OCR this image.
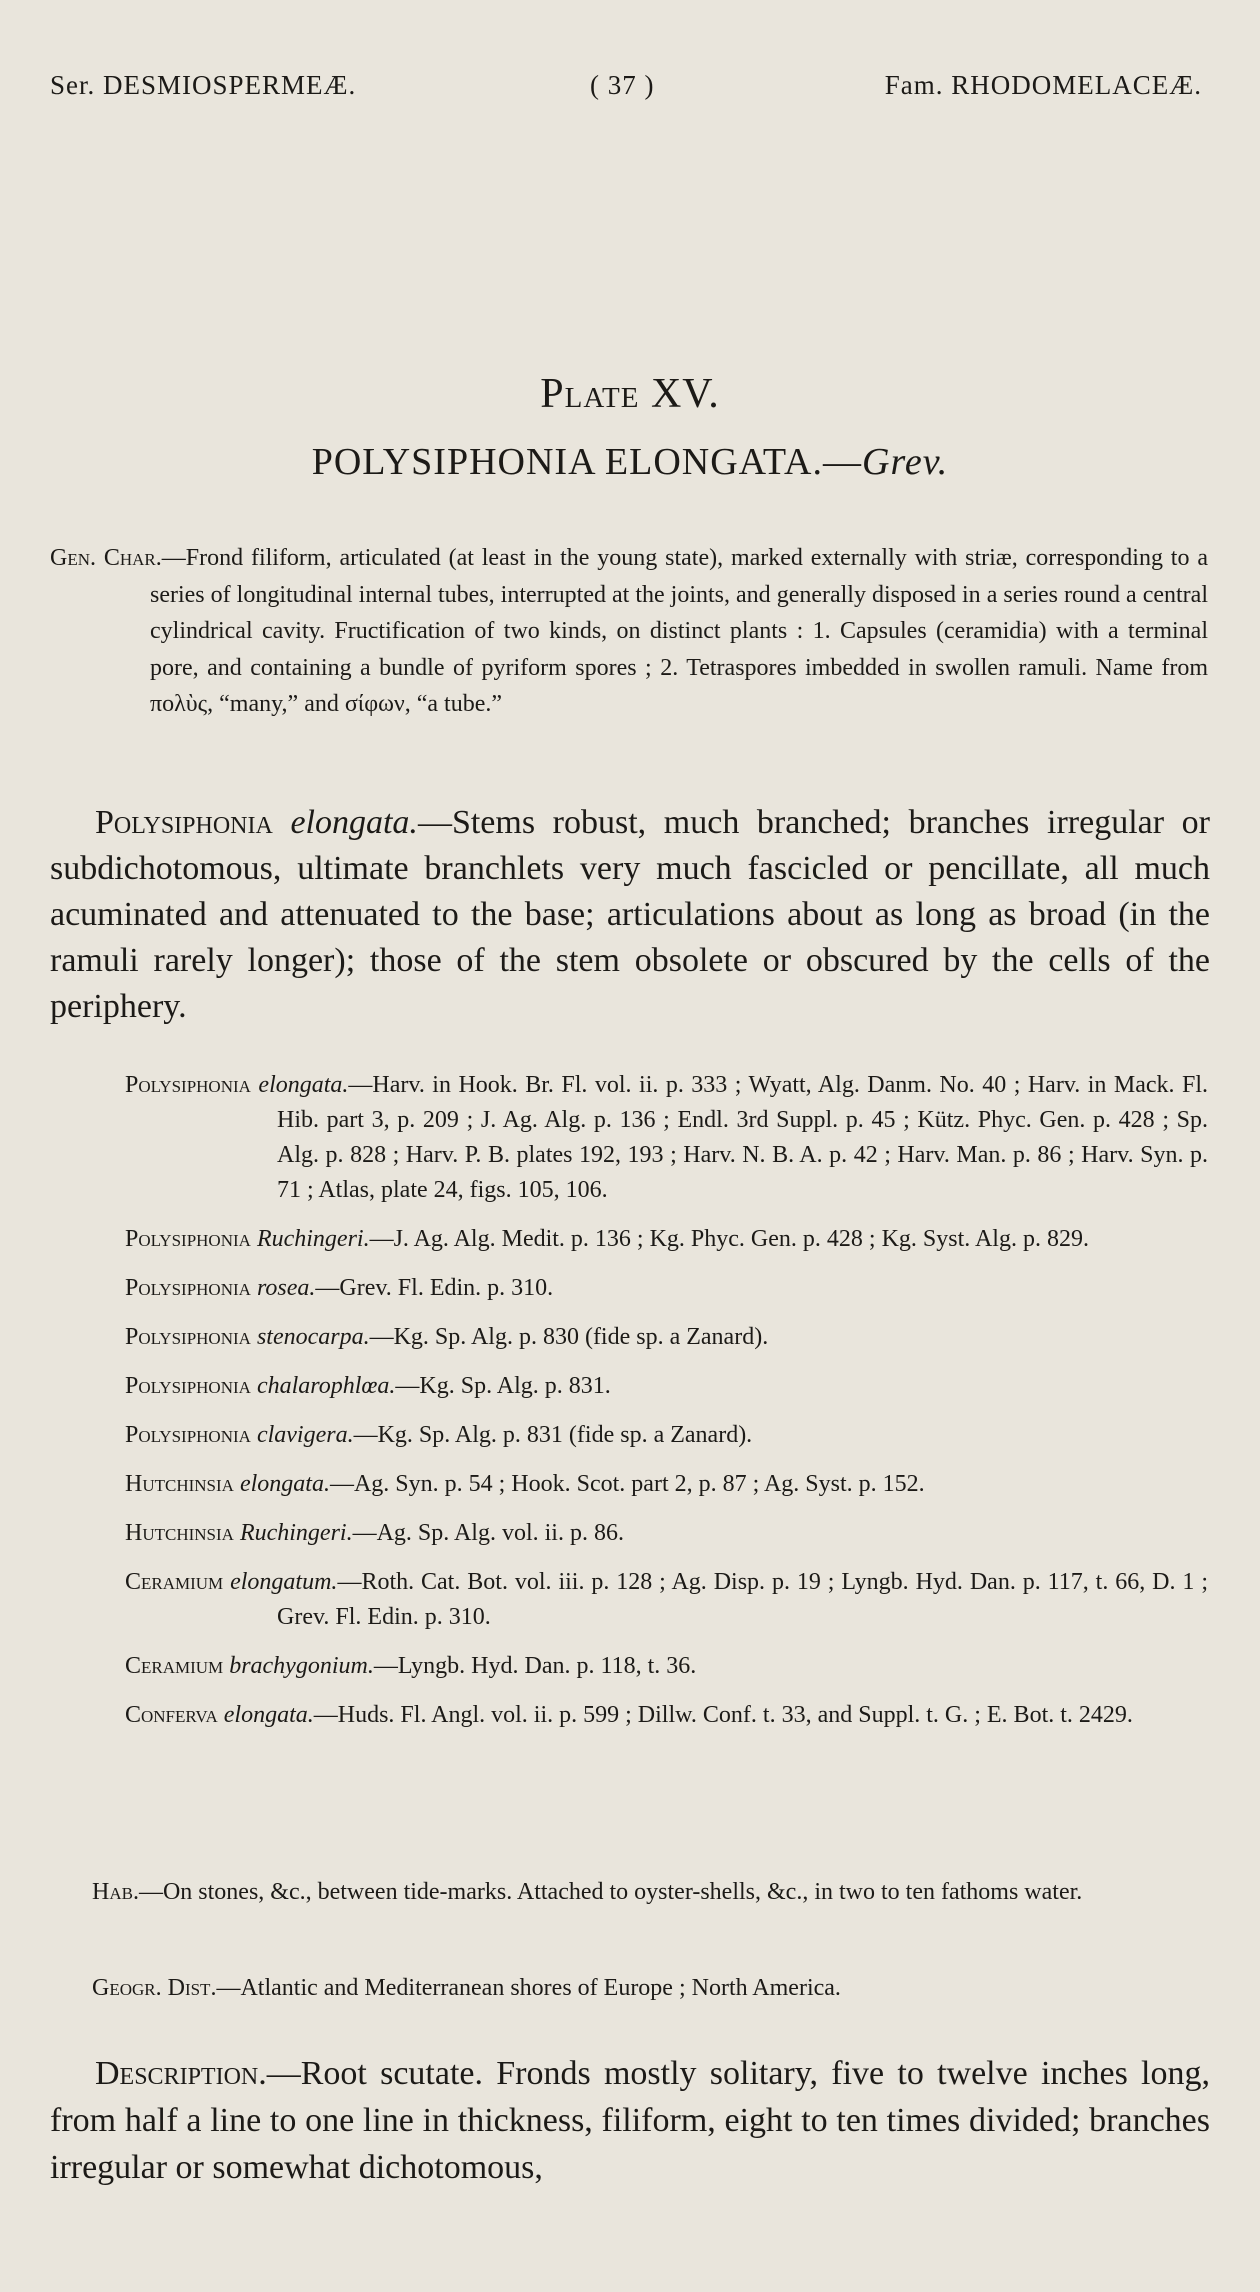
Ser. DESMIOSPERMEÆ.	( 37 )	Fam. RHODOMELACEÆ.
Plate XV.
POLYSIPHONIA ELONGATA.—Grev.
Gen. Char.—Frond filiform, articulated (at least in the young state), marked externally with striæ, corresponding to a series of longitudinal internal tubes, interrupted at the joints, and generally disposed in a series round a central cylindrical cavity. Fructification of two kinds, on distinct plants : 1. Capsules (ceramidia) with a terminal pore, and containing a bundle of pyriform spores ; 2. Tetraspores imbedded in swollen ramuli. Name from πολὺς, “many,” and σίφων, “a tube.”
Polysiphonia elongata.—Stems robust, much branched; branches irregular or subdichotomous, ultimate branchlets very much fascicled or pencillate, all much acuminated and attenuated to the base; articulations about as long as broad (in the ramuli rarely longer); those of the stem obsolete or obscured by the cells of the periphery.
Polysiphonia elongata.—Harv. in Hook. Br. Fl. vol. ii. p. 333 ; Wyatt, Alg. Danm. No. 40 ; Harv. in Mack. Fl. Hib. part 3, p. 209 ; J. Ag. Alg. p. 136 ; Endl. 3rd Suppl. p. 45 ; Kütz. Phyc. Gen. p. 428 ; Sp. Alg. p. 828 ; Harv. P. B. plates 192, 193 ; Harv. N. B. A. p. 42 ; Harv. Man. p. 86 ; Harv. Syn. p. 71 ; Atlas, plate 24, figs. 105, 106.
Polysiphonia Ruchingeri.—J. Ag. Alg. Medit. p. 136 ; Kg. Phyc. Gen. p. 428 ; Kg. Syst. Alg. p. 829.
Polysiphonia rosea.—Grev. Fl. Edin. p. 310.
Polysiphonia stenocarpa.—Kg. Sp. Alg. p. 830 (fide sp. a Zanard).
Polysiphonia chalarophlœa.—Kg. Sp. Alg. p. 831.
Polysiphonia clavigera.—Kg. Sp. Alg. p. 831 (fide sp. a Zanard).
Hutchinsia elongata.—Ag. Syn. p. 54 ; Hook. Scot. part 2, p. 87 ; Ag. Syst. p. 152.
Hutchinsia Ruchingeri.—Ag. Sp. Alg. vol. ii. p. 86.
Ceramium elongatum.—Roth. Cat. Bot. vol. iii. p. 128 ; Ag. Disp. p. 19 ; Lyngb. Hyd. Dan. p. 117, t. 66, D. 1 ; Grev. Fl. Edin. p. 310.
Ceramium brachygonium.—Lyngb. Hyd. Dan. p. 118, t. 36.
Conferva elongata.—Huds. Fl. Angl. vol. ii. p. 599 ; Dillw. Conf. t. 33, and Suppl. t. G. ; E. Bot. t. 2429.
Hab.—On stones, &c., between tide-marks. Attached to oyster-shells, &c., in two to ten fathoms water.
Geogr. Dist.—Atlantic and Mediterranean shores of Europe ; North America.
Description.—Root scutate. Fronds mostly solitary, five to twelve inches long, from half a line to one line in thickness, filiform, eight to ten times divided; branches irregular or somewhat dichotomous,
